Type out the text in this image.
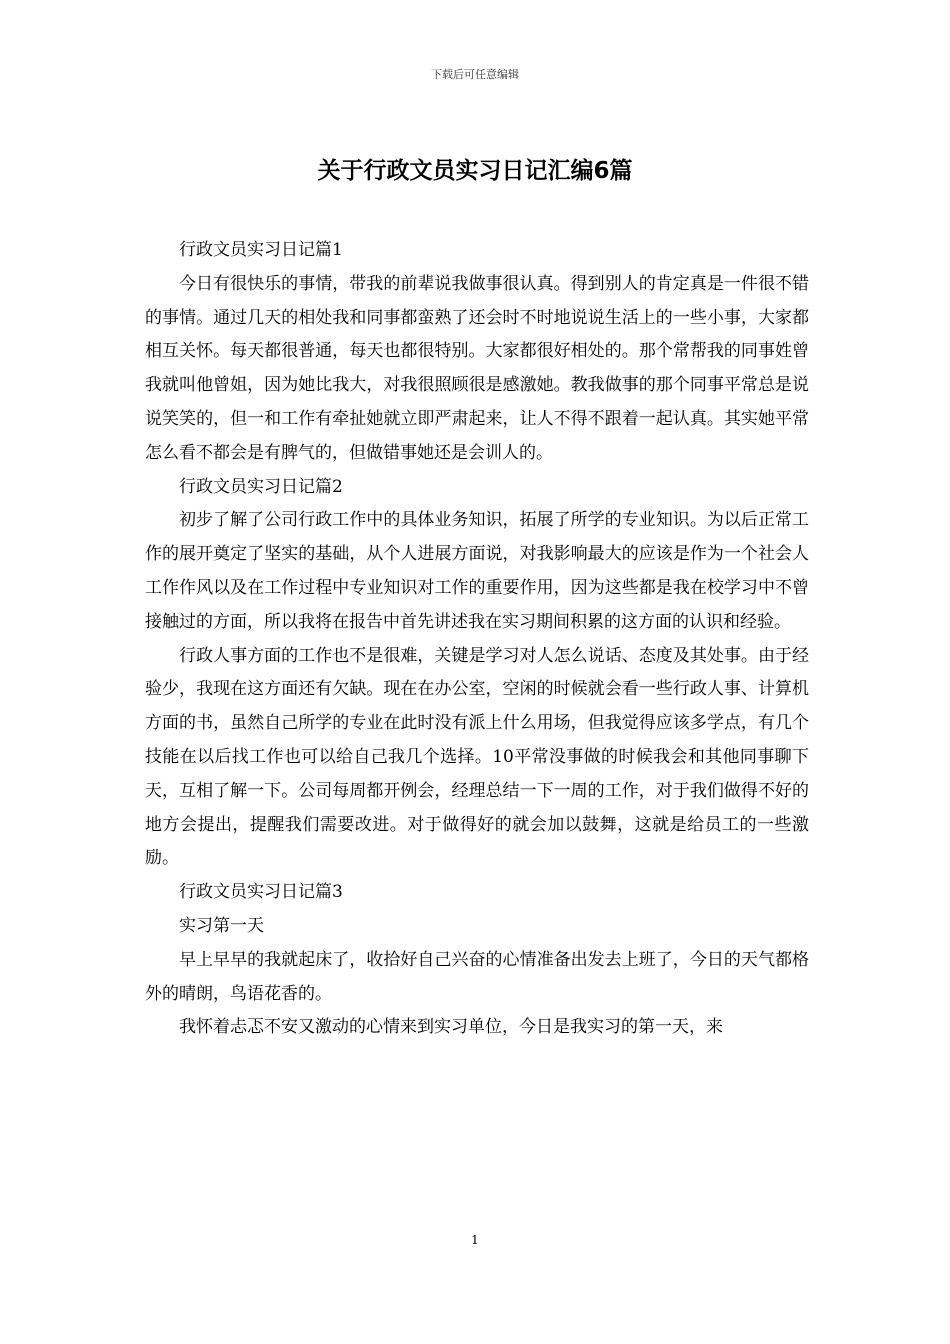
下载后可任意编辑
关于行政文员实习日记汇编6篇

行政文员实习日记篇1

今日有很快乐的事情，带我的前辈说我做事很认真。得到别人的肯定真是一件很不错的事情。通过几天的相处我和同事都蛮熟了还会时不时地说说生活上的一些小事，大家都相互关怀。每天都很普通，每天也都很特别。大家都很好相处的。那个常帮我的同事姓曾我就叫他曾姐，因为她比我大，对我很照顾很是感激她。教我做事的那个同事平常总是说说笑笑的，但一和工作有牵扯她就立即严肃起来，让人不得不跟着一起认真。其实她平常怎么看不都会是有脾气的，但做错事她还是会训人的。

行政文员实习日记篇2

初步了解了公司行政工作中的具体业务知识，拓展了所学的专业知识。为以后正常工作的展开奠定了坚实的基础，从个人进展方面说，对我影响最大的应该是作为一个社会人工作作风以及在工作过程中专业知识对工作的重要作用，因为这些都是我在校学习中不曾接触过的方面，所以我将在报告中首先讲述我在实习期间积累的这方面的认识和经验。

行政人事方面的工作也不是很难，关键是学习对人怎么说话、态度及其处事。由于经验少，我现在这方面还有欠缺。现在在办公室，空闲的时候就会看一些行政人事、计算机方面的书，虽然自己所学的专业在此时没有派上什么用场，但我觉得应该多学点，有几个技能在以后找工作也可以给自己我几个选择。10平常没事做的时候我会和其他同事聊下天，互相了解一下。公司每周都开例会，经理总结一下一周的工作，对于我们做得不好的地方会提出，提醒我们需要改进。对于做得好的就会加以鼓舞，这就是给员工的一些激励。

行政文员实习日记篇3

实习第一天

早上早早的我就起床了，收拾好自己兴奋的心情准备出发去上班了，今日的天气都格外的晴朗，鸟语花香的。

我怀着忐忑不安又激动的心情来到实习单位，今日是我实习的第一天，来

1
